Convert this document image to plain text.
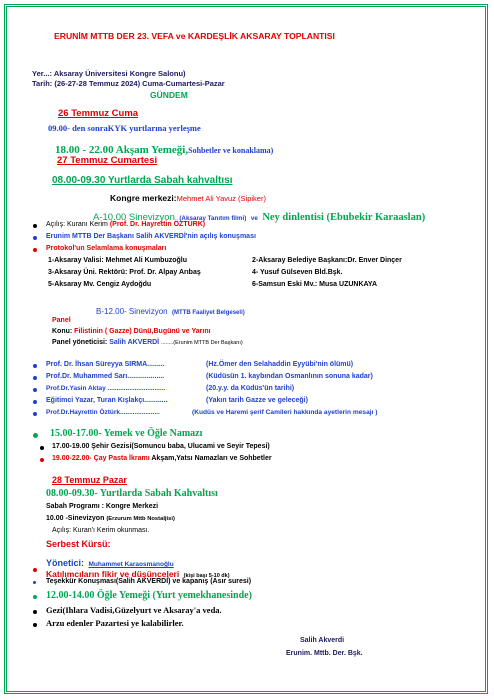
ERUNİM MTTB DER 23. VEFA ve KARDEŞLİK AKSARAY TOPLANTISI
Yer...: Aksaray Üniversitesi Kongre Salonu)
Tarih: (26-27-28 Temmuz 2024) Cuma-Cumartesi-Pazar
GÜNDEM
26 Temmuz Cuma
09.00- den sonraKYK yurtlarına yerleşme
18.00 - 22.00 Akşam Yemeği,Sohbetler ve konaklama)
27 Temmuz Cumartesi
08.00-09.30 Yurtlarda Sabah kahvaltısı
Kongre merkezi:Mehmet Ali Yavuz (Sipiker)
A-10.00 Sinevizyon (Aksaray Tanıtım filmi) ve Ney dinlentisi (Ebubekir Karaaslan)
Açılış: Kuranı Kerim (Prof. Dr. Hayrettin ÖZTÜRK)
Erunim MTTB Der Başkanı Salih AKVERDİ'nin açılış konuşması
Protokol'un Selamlama konuşmaları
1-Aksaray Valisi: Mehmet Ali Kumbuzoğlu	2-Aksaray Belediye Başkanı:Dr. Enver Dinçer
3-Aksaray Üni. Rektörü: Prof. Dr. Alpay Arıbaş	4- Yusuf Gülseven Bld.Bşk.
5-Aksaray Mv. Cengiz Aydoğdu	6-Samsun Eski Mv.: Musa UZUNKAYA
B-12.00- Sinevizyon (MTTB Faaliyet Belgeseli)
Panel
Konu: Filistinin ( Gazze) Dünü,Bugünü ve Yarını
Panel yöneticisi: Salih AKVERDİ ........(Erunim MTTB Der Başkanı)
Prof. Dr. İhsan Süreyya SIRMA.........	(Hz.Ömer den Selahaddin Eyyübi'nin ölümü)
Prof.Dr. Muhammed Sarı...................	(Küdüsün 1. kaybından Osmanlının sonuna kadar)
Prof.Dr.Yasin Aktay ................................	(20.y.y. da Küdüs'ün tarihi)
Eğitimci Yazar, Turan Kışlakçı............	(Yakın tarih Gazze ve geleceği)
Prof.Dr.Hayrettin Öztürk......................	(Kudüs ve Haremi şerif Camileri hakkında ayetlerin mesajı )
15.00-17.00- Yemek ve Öğle Namazı
17.00-19.00 Şehir Gezisi(Somuncu baba, Ulucami ve Seyir Tepesi)
19.00-22.00- Çay Pasta İkramı Akşam,Yatsı Namazları ve Sohbetler
28 Temmuz Pazar
08.00-09.30- Yurtlarda Sabah Kahvaltısı
Sabah Programı : Kongre Merkezi
10.00 -Sinevizyon (Erzurum Mttb Nostaljisi)
Açılış: Kuran'ı Kerim okunması.
Serbest Kürsü:
Yönetici: Muhammet Karaosmanoğlu
Katılımcıların fikir ve düşünceleri (kişi başı 5-10 dk)
Teşekkür Konuşması(Salih AKVERDİ) ve kapanış (Asır suresi)
12.00-14.00 Öğle Yemeği (Yurt yemekhanesinde)
Gezi(Ihlara Vadisi,Güzelyurt ve Aksaray'a veda.
Arzu edenler Pazartesi ye kalabilirler.
Salih Akverdi
Erunim. Mttb. Der. Bşk.
